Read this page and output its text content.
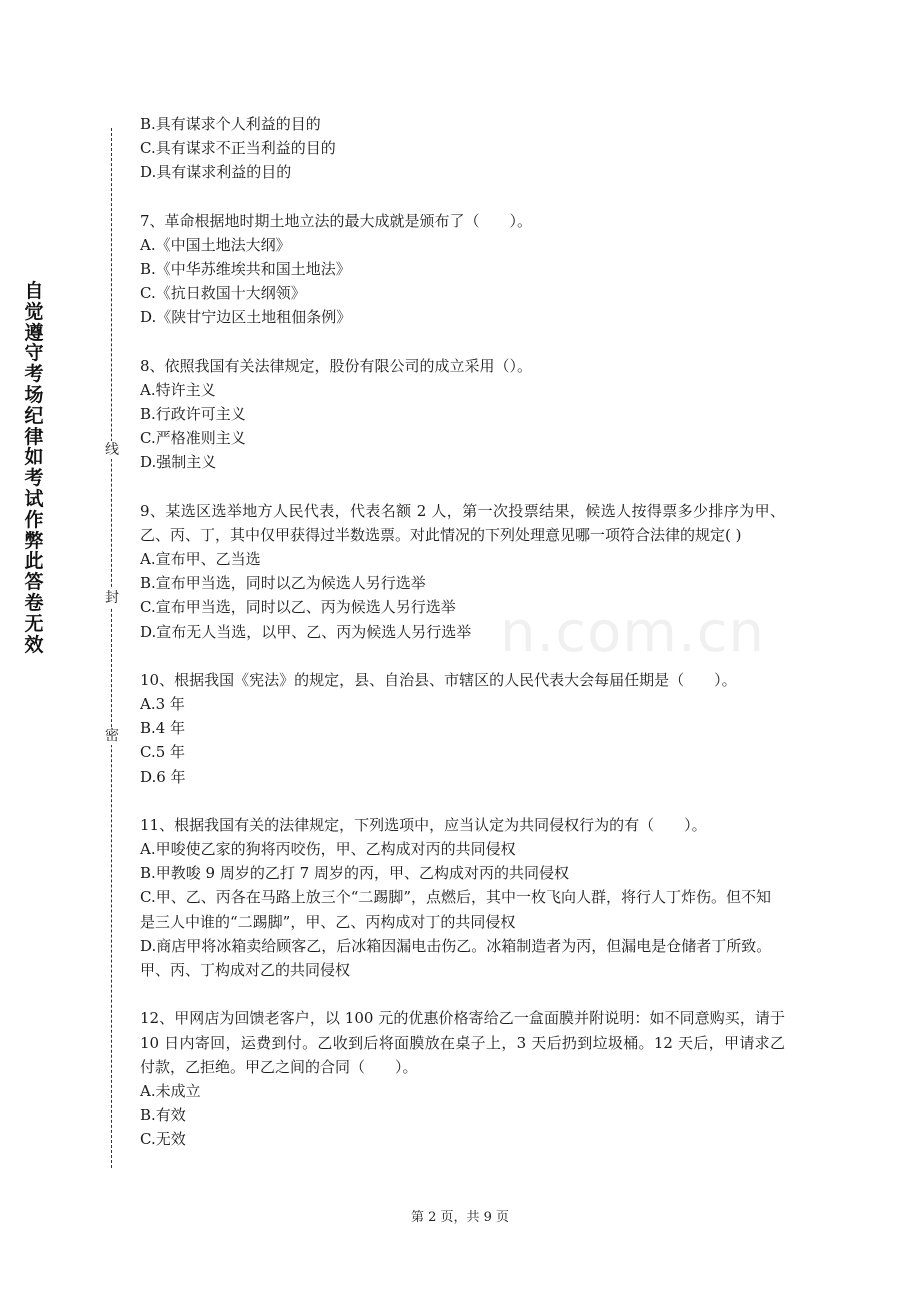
自觉遵守考场纪律如考试作弊此答卷无效
线
封
密
n.com.cn
B.具有谋求个人利益的目的
C.具有谋求不正当利益的目的
D.具有谋求利益的目的
7、革命根据地时期土地立法的最大成就是颁布了（　　）。
A.《中国土地法大纲》
B.《中华苏维埃共和国土地法》
C.《抗日救国十大纲领》
D.《陕甘宁边区土地租佃条例》
8、依照我国有关法律规定，股份有限公司的成立采用（）。
A.特许主义
B.行政许可主义
C.严格准则主义
D.强制主义
9、某选区选举地方人民代表，代表名额 2 人，第一次投票结果，候选人按得票多少排序为甲、乙、丙、丁，其中仅甲获得过半数选票。对此情况的下列处理意见哪一项符合法律的规定( )
A.宣布甲、乙当选
B.宣布甲当选，同时以乙为候选人另行选举
C.宣布甲当选，同时以乙、丙为候选人另行选举
D.宣布无人当选，以甲、乙、丙为候选人另行选举
10、根据我国《宪法》的规定，县、自治县、市辖区的人民代表大会每届任期是（　　）。
A.3 年
B.4 年
C.5 年
D.6 年
11、根据我国有关的法律规定，下列选项中，应当认定为共同侵权行为的有（　　）。
A.甲唆使乙家的狗将丙咬伤，甲、乙构成对丙的共同侵权
B.甲教唆 9 周岁的乙打 7 周岁的丙，甲、乙构成对丙的共同侵权
C.甲、乙、丙各在马路上放三个“二踢脚”，点燃后，其中一枚飞向人群，将行人丁炸伤。但不知是三人中谁的“二踢脚”，甲、乙、丙构成对丁的共同侵权
D.商店甲将冰箱卖给顾客乙，后冰箱因漏电击伤乙。冰箱制造者为丙，但漏电是仓储者丁所致。甲、丙、丁构成对乙的共同侵权
12、甲网店为回馈老客户，以 100 元的优惠价格寄给乙一盒面膜并附说明：如不同意购买，请于 10 日内寄回，运费到付。乙收到后将面膜放在桌子上，3 天后扔到垃圾桶。12 天后，甲请求乙付款，乙拒绝。甲乙之间的合同（　　）。
A.未成立
B.有效
C.无效
第 2 页，共 9 页
